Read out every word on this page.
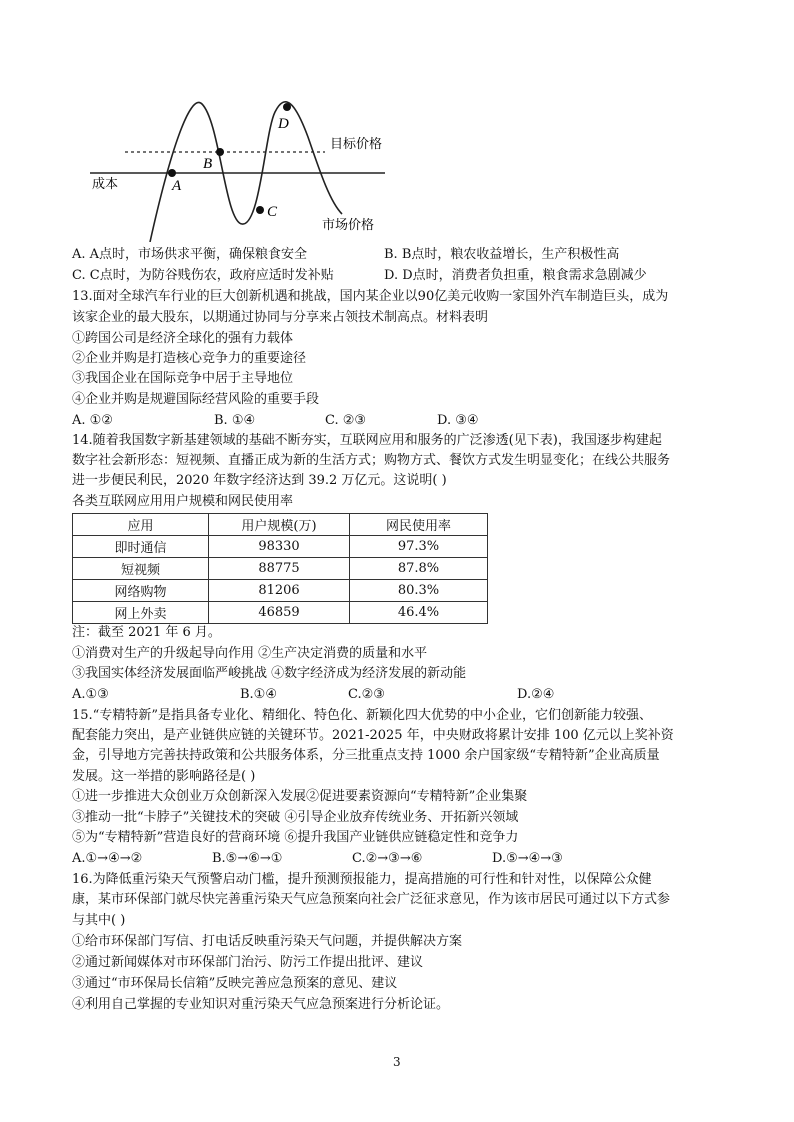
A
B
C
D
成本
目标价格
市场价格
A. A点时，市场供求平衡，确保粮食安全	B. B点时，粮农收益增长，生产积极性高
C. C点时，为防谷贱伤农，政府应适时发补贴	D. D点时，消费者负担重，粮食需求急剧减少
13.面对全球汽车行业的巨大创新机遇和挑战，国内某企业以90亿美元收购一家国外汽车制造巨头，成为
该家企业的最大股东，以期通过协同与分享来占领技术制高点。材料表明
①跨国公司是经济全球化的强有力载体
②企业并购是打造核心竞争力的重要途径
③我国企业在国际竞争中居于主导地位
④企业并购是规避国际经营风险的重要手段
A. ①②	B. ①④	C. ②③	D. ③④
14.随着我国数字新基建领域的基础不断夯实，互联网应用和服务的广泛渗透(见下表)，我国逐步构建起
数字社会新形态：短视频、直播正成为新的生活方式；购物方式、餐饮方式发生明显变化；在线公共服务
进一步便民利民，2020 年数字经济达到 39.2 万亿元。这说明( )
各类互联网应用用户规模和网民使用率
应用	用户规模(万)	网民使用率
即时通信	98330	97.3%
短视频	88775	87.8%
网络购物	81206	80.3%
网上外卖	46859	46.4%
注：截至 2021 年 6 月。
①消费对生产的升级起导向作用 ②生产决定消费的质量和水平
③我国实体经济发展面临严峻挑战 ④数字经济成为经济发展的新动能
A.①③	B.①④	C.②③	D.②④
15.“专精特新”是指具备专业化、精细化、特色化、新颖化四大优势的中小企业，它们创新能力较强、
配套能力突出，是产业链供应链的关键环节。2021-2025 年，中央财政将累计安排 100 亿元以上奖补资
金，引导地方完善扶持政策和公共服务体系，分三批重点支持 1000 余户国家级“专精特新”企业高质量
发展。这一举措的影响路径是( )
①进一步推进大众创业万众创新深入发展②促进要素资源向“专精特新”企业集聚
③推动一批“卡脖子”关键技术的突破 ④引导企业放弃传统业务、开拓新兴领域
⑤为“专精特新”营造良好的营商环境 ⑥提升我国产业链供应链稳定性和竞争力
A.①→④→②	B.⑤→⑥→①	C.②→③→⑥	D.⑤→④→③
16.为降低重污染天气预警启动门槛，提升预测预报能力，提高措施的可行性和针对性，以保障公众健
康，某市环保部门就尽快完善重污染天气应急预案向社会广泛征求意见，作为该市居民可通过以下方式参
与其中( )
①给市环保部门写信、打电话反映重污染天气问题，并提供解决方案
②通过新闻媒体对市环保部门治污、防污工作提出批评、建议
③通过“市环保局长信箱”反映完善应急预案的意见、建议
④利用自己掌握的专业知识对重污染天气应急预案进行分析论证。
3
